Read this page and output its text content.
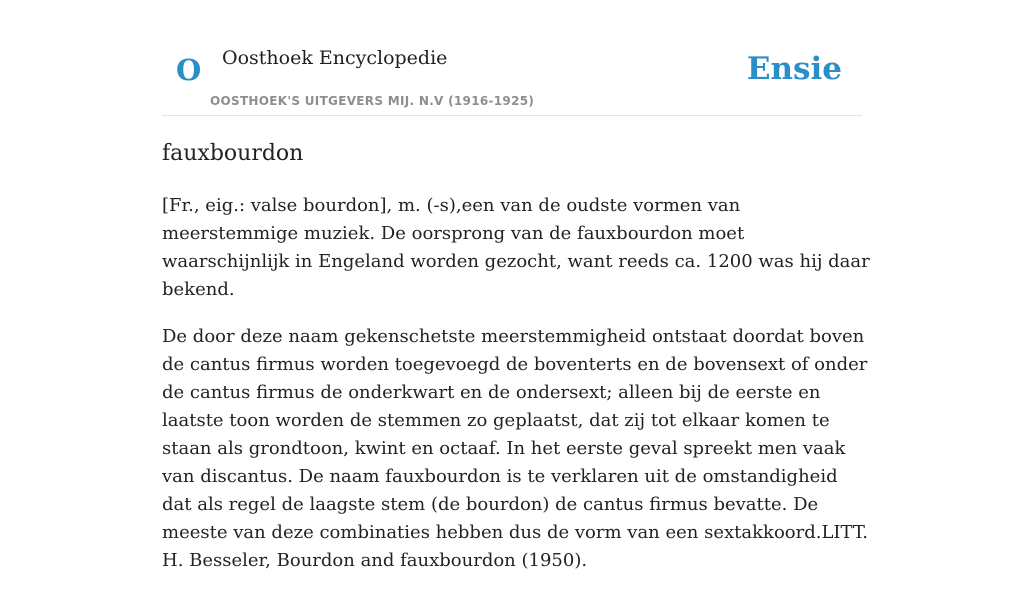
O Oosthoek Encyclopedie
OOSTHOEK'S UITGEVERS MIJ. N.V (1916-1925)
Ensie
fauxbourdon

[Fr., eig.: valse bourdon], m. (-s),een van de oudste vormen van meerstemmige muziek. De oorsprong van de fauxbourdon moet waarschijnlijk in Engeland worden gezocht, want reeds ca. 1200 was hij daar bekend.

De door deze naam gekenschetste meerstemmigheid ontstaat doordat boven de cantus firmus worden toegevoegd de boventerts en de bovensext of onder de cantus firmus de onderkwart en de ondersext; alleen bij de eerste en laatste toon worden de stemmen zo geplaatst, dat zij tot elkaar komen te staan als grondtoon, kwint en octaaf. In het eerste geval spreekt men vaak van discantus. De naam fauxbourdon is te verklaren uit de omstandigheid dat als regel de laagste stem (de bourdon) de cantus firmus bevatte. De meeste van deze combinaties hebben dus de vorm van een sextakkoord.LITT. H. Besseler, Bourdon and fauxbourdon (1950).
